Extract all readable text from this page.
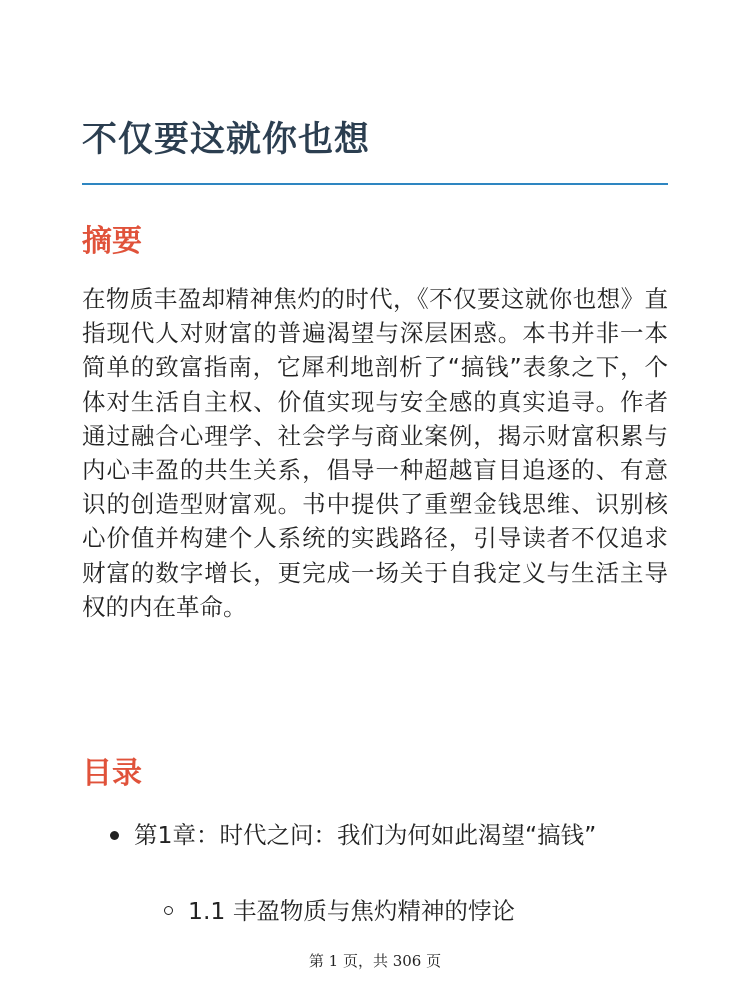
不仅要这就你也想
摘要

在物质丰盈却精神焦灼的时代，《不仅要这就你也想》直指现代人对财富的普遍渴望与深层困惑。本书并非一本简单的致富指南，它犀利地剖析了“搞钱”表象之下，个体对生活自主权、价值实现与安全感的真实追寻。作者通过融合心理学、社会学与商业案例，揭示财富积累与内心丰盈的共生关系，倡导一种超越盲目追逐的、有意识的创造型财富观。书中提供了重塑金钱思维、识别核心价值并构建个人系统的实践路径，引导读者不仅追求财富的数字增长，更完成一场关于自我定义与生活主导权的内在革命。

目录
第1章：时代之问：我们为何如此渴望“搞钱”
1.1 丰盈物质与焦灼精神的悖论
第 1 页，共 306 页
